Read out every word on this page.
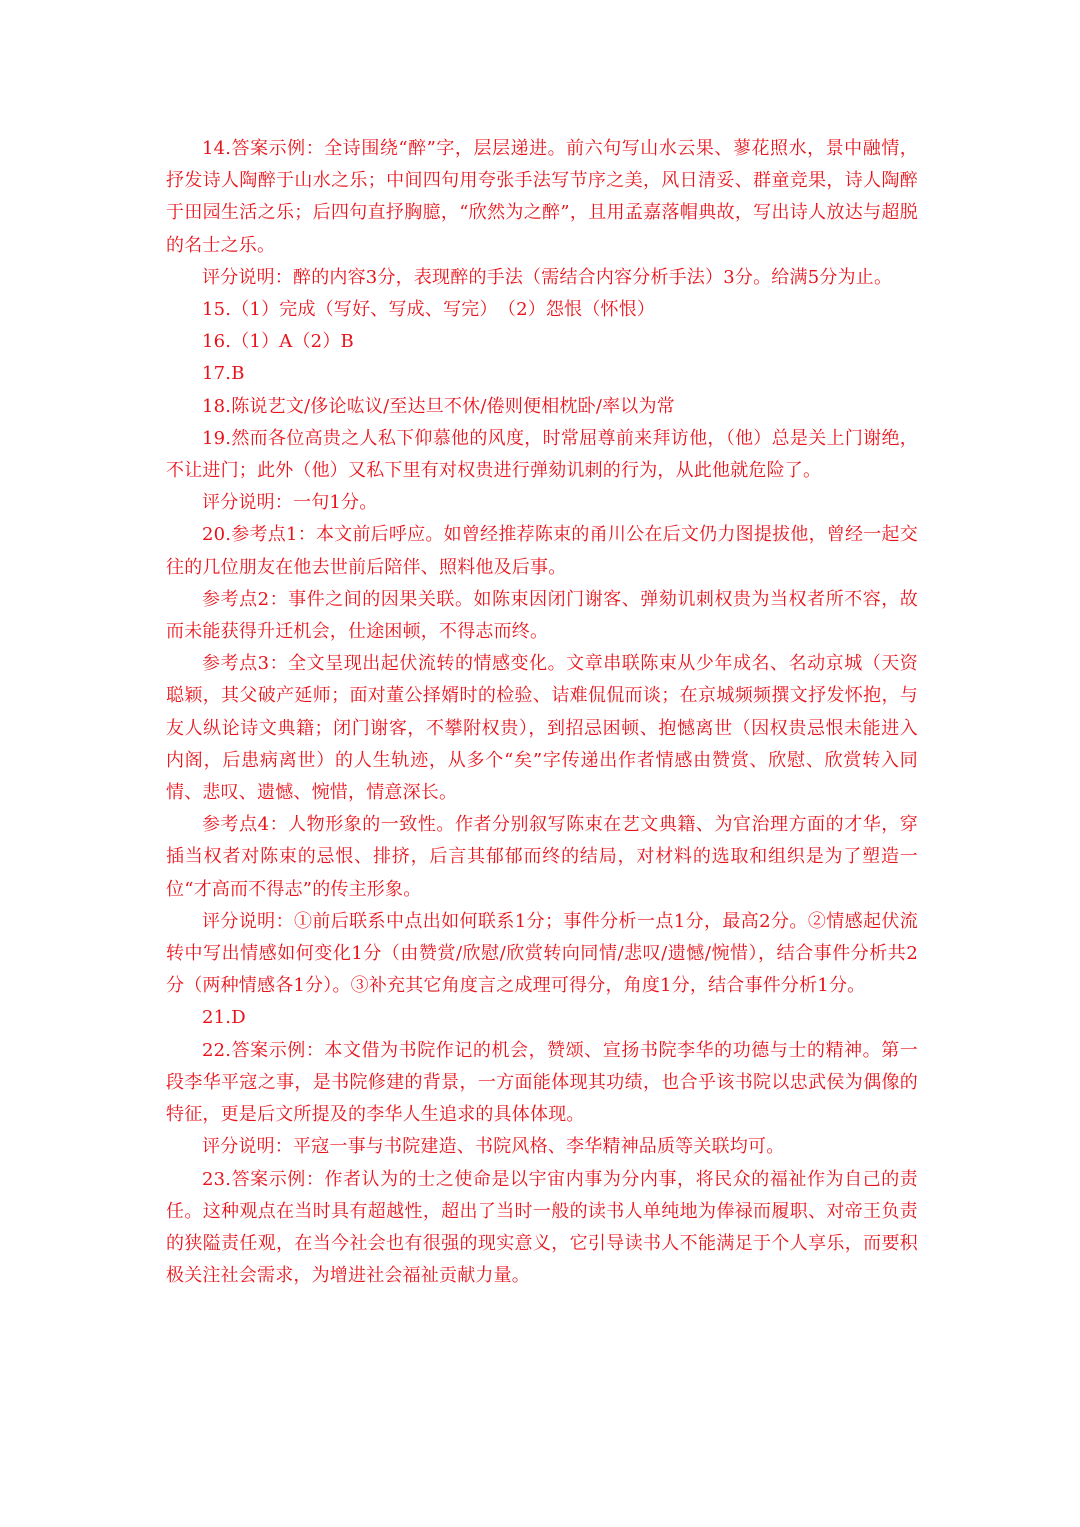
14.答案示例：全诗围绕“醉”字，层层递进。前六句写山水云果、蓼花照水，景中融情，抒发诗人陶醉于山水之乐；中间四句用夸张手法写节序之美，风日清妥、群童竞果，诗人陶醉于田园生活之乐；后四句直抒胸臆，“欣然为之醉”，且用孟嘉落帽典故，写出诗人放达与超脱的名士之乐。

评分说明：醉的内容3分，表现醉的手法（需结合内容分析手法）3分。给满5分为止。

15.（1）完成（写好、写成、写完）　（2）怨恨（怀恨）

16.（1）A（2）B

17.B

18.陈说艺文/侈论吰议/至达旦不休/倦则便相枕卧/率以为常

19.然而各位高贵之人私下仰慕他的风度，时常屈尊前来拜访他，（他）总是关上门谢绝，不让进门；此外（他）又私下里有对权贵进行弹劾讥刺的行为，从此他就危险了。

评分说明：一句1分。

20.参考点1：本文前后呼应。如曾经推荐陈束的甬川公在后文仍力图提拔他，曾经一起交往的几位朋友在他去世前后陪伴、照料他及后事。

参考点2：事件之间的因果关联。如陈束因闭门谢客、弹劾讥刺权贵为当权者所不容，故而未能获得升迁机会，仕途困顿，不得志而终。

参考点3：全文呈现出起伏流转的情感变化。文章串联陈束从少年成名、名动京城（天资聪颖，其父破产延师；面对董公择婿时的检验、诘难侃侃而谈；在京城频频撰文抒发怀抱，与友人纵论诗文典籍；闭门谢客，不攀附权贵），到招忌困顿、抱憾离世（因权贵忌恨未能进入内阁，后患病离世）的人生轨迹，从多个“矣”字传递出作者情感由赞赏、欣慰、欣赏转入同情、悲叹、遗憾、惋惜，情意深长。

参考点4：人物形象的一致性。作者分别叙写陈束在艺文典籍、为官治理方面的才华，穿插当权者对陈束的忌恨、排挤，后言其郁郁而终的结局，对材料的选取和组织是为了塑造一位“才高而不得志”的传主形象。

评分说明：①前后联系中点出如何联系1分；事件分析一点1分，最高2分。②情感起伏流转中写出情感如何变化1分（由赞赏/欣慰/欣赏转向同情/悲叹/遗憾/惋惜），结合事件分析共2分（两种情感各1分）。③补充其它角度言之成理可得分，角度1分，结合事件分析1分。

21.D

22.答案示例：本文借为书院作记的机会，赞颂、宣扬书院李华的功德与士的精神。第一段李华平寇之事，是书院修建的背景，一方面能体现其功绩，也合乎该书院以忠武侯为偶像的特征，更是后文所提及的李华人生追求的具体体现。

评分说明：平寇一事与书院建造、书院风格、李华精神品质等关联均可。

23.答案示例：作者认为的士之使命是以宇宙内事为分内事，将民众的福祉作为自己的责任。这种观点在当时具有超越性，超出了当时一般的读书人单纯地为俸禄而履职、对帝王负责的狭隘责任观，在当今社会也有很强的现实意义，它引导读书人不能满足于个人享乐，而要积极关注社会需求，为增进社会福祉贡献力量。
